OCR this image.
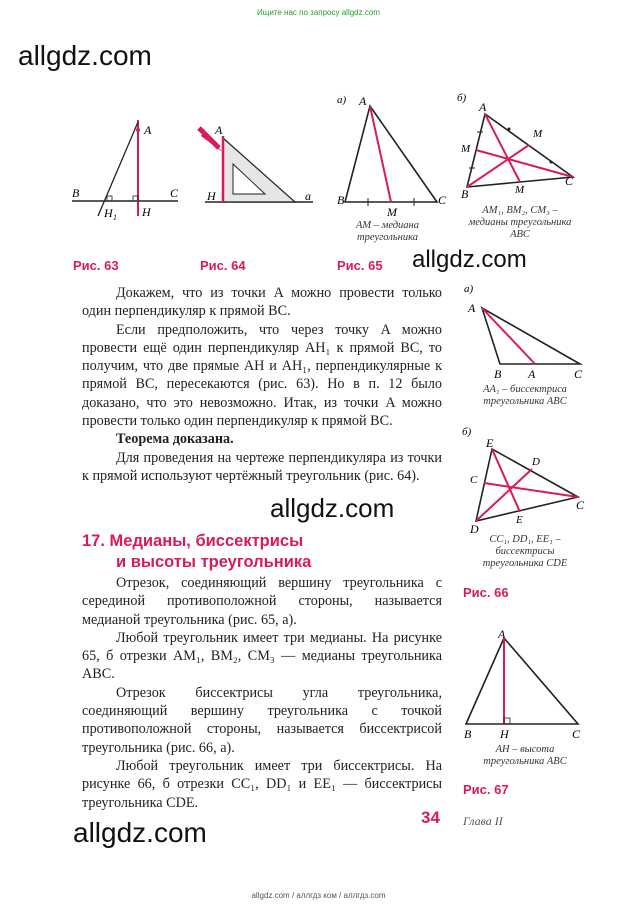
Ищите нас по запросу allgdz.com
allgdz.com
allgdz.com
allgdz.com
allgdz.com
A
B	C
H
H 1
Рис. 63
A
H	a
Рис. 64
а) A
B	C
M
AM – медиана
треугольника
Рис. 65
б)
A
B
C
M
M
M
AM₁, BM₂, CM₃ –
медианы треугольника
ABC
а)
A
B	C
A
AA₁ – биссектриса
треугольника ABC
б)
E
D
C
C
D
E
CC₁, DD₁, EE₁ –
биссектрисы
треугольника CDE
Рис. 66
A
B	C
H
AH – высота
треугольника ABC
Рис. 67

Докажем, что из точки A можно провести только один перпендикуляр к прямой BC.

Если предположить, что через точку A можно провести ещё один перпендикуляр AH₁ к прямой BC, то получим, что две прямые AH и AH₁, перпендикулярные к прямой BC, пересекаются (рис. 63). Но в п. 12 было доказано, что это невозможно. Итак, из точки A можно провести только один перпендикуляр к прямой BC.

Теорема доказана.

Для проведения на чертеже перпендикуляра из точки к прямой используют чертёжный треугольник (рис. 64).

17. Медианы, биссектрисы
и высоты треугольника

Отрезок, соединяющий вершину треугольника с серединой противоположной стороны, называется медианой треугольника (рис. 65, а).

Любой треугольник имеет три медианы. На рисунке 65, б отрезки AM₁, BM₂, CM₃ — медианы треугольника ABC.

Отрезок биссектрисы угла треугольника, соединяющий вершину треугольника с точкой противоположной стороны, называется биссектрисой треугольника (рис. 66, а).

Любой треугольник имеет три биссектрисы. На рисунке 66, б отрезки CC₁, DD₁ и EE₁ — биссектрисы треугольника CDE.

34 Глава II
allgdz.com / аллгдз ком / аллгдз.com
